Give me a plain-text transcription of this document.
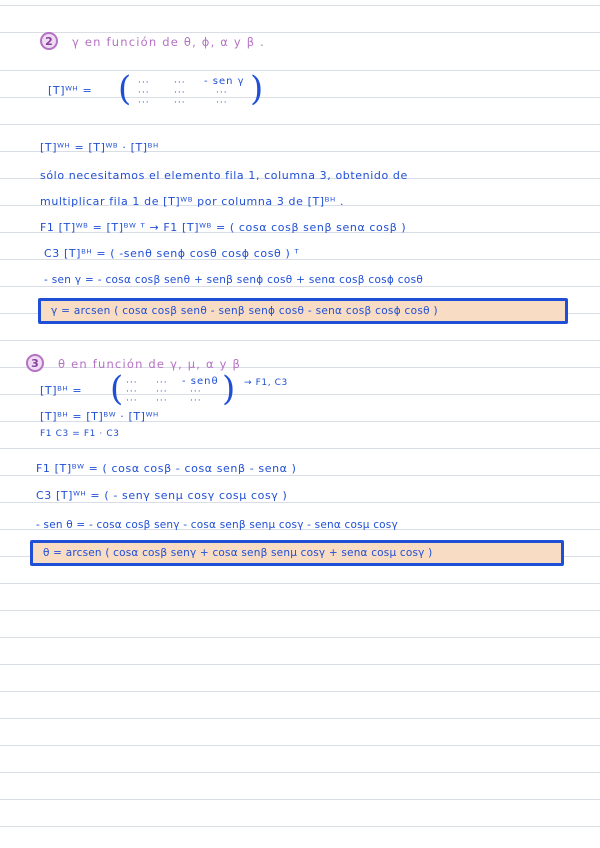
2 γ en función de θ, ϕ, α y β .
[T]ᵂᴴ = ( ···	··· - sen γ
···	···	···
···	···	··· )
[T]ᵂᴴ = [T]ᵂᴮ · [T]ᴮᴴ
sólo necesitamos el elemento fila 1, columna 3, obtenido de
multiplicar fila 1 de [T]ᵂᴮ por columna 3 de [T]ᴮᴴ .
F1 [T]ᵂᴮ = [T]ᴮᵂ ᵀ → F1 [T]ᵂᴮ = ( cosα cosβ senβ senα cosβ )
C3 [T]ᴮᴴ = ( -senθ senϕ cosθ cosϕ cosθ ) ᵀ
- sen γ = - cosα cosβ senθ + senβ senϕ cosθ + senα cosβ cosϕ cosθ
γ = arcsen ( cosα cosβ senθ - senβ senϕ cosθ - senα cosβ cosϕ cosθ )
3 θ en función de γ, μ, α y β
[T]ᴮᴴ = ( ··· ··· - senθ
··· ··· ···
··· ··· ··· ) → F1, C3
[T]ᴮᴴ = [T]ᴮᵂ · [T]ᵂᴴ
F1 C3 = F1 · C3
F1 [T]ᴮᵂ = ( cosα cosβ - cosα senβ - senα )
C3 [T]ᵂᴴ = ( - senγ senμ cosγ cosμ cosγ )
- sen θ = - cosα cosβ senγ - cosα senβ senμ cosγ - senα cosμ cosγ
θ = arcsen ( cosα cosβ senγ + cosα senβ senμ cosγ + senα cosμ cosγ )
